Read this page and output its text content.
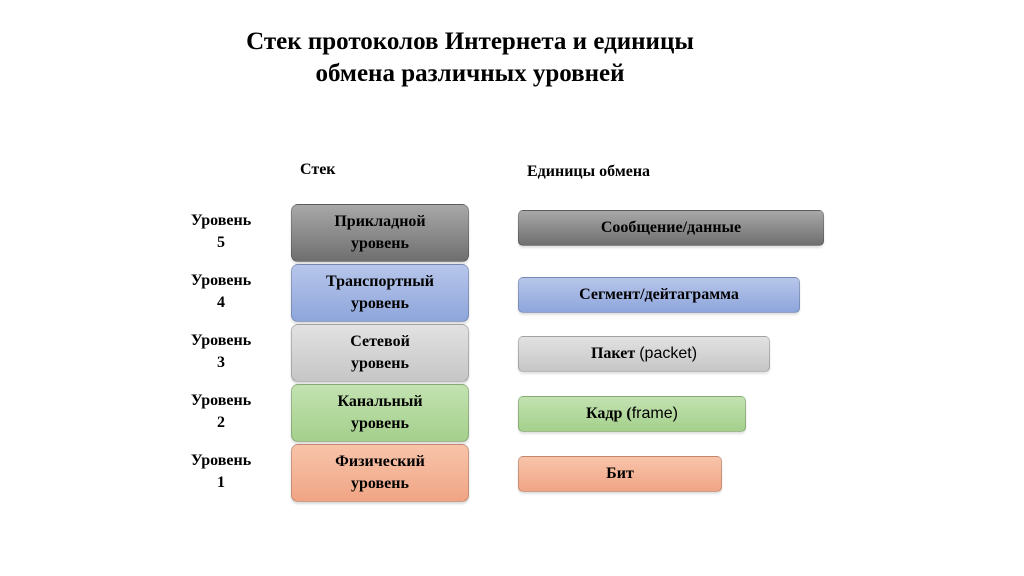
Стек протоколов Интернета и единицы
обмена различных уровней
Стек	Единицы обмена
Уровень
5
Прикладной
уровень
Сообщение/данные
Уровень
4
Транспортный
уровень
Сегмент/дейтаграмма
Уровень
3
Сетевой
уровень
Пакет
(packet)
Уровень
2
Канальный
уровень
Кадр ( frame)
Уровень
1
Физический
уровень
Бит
